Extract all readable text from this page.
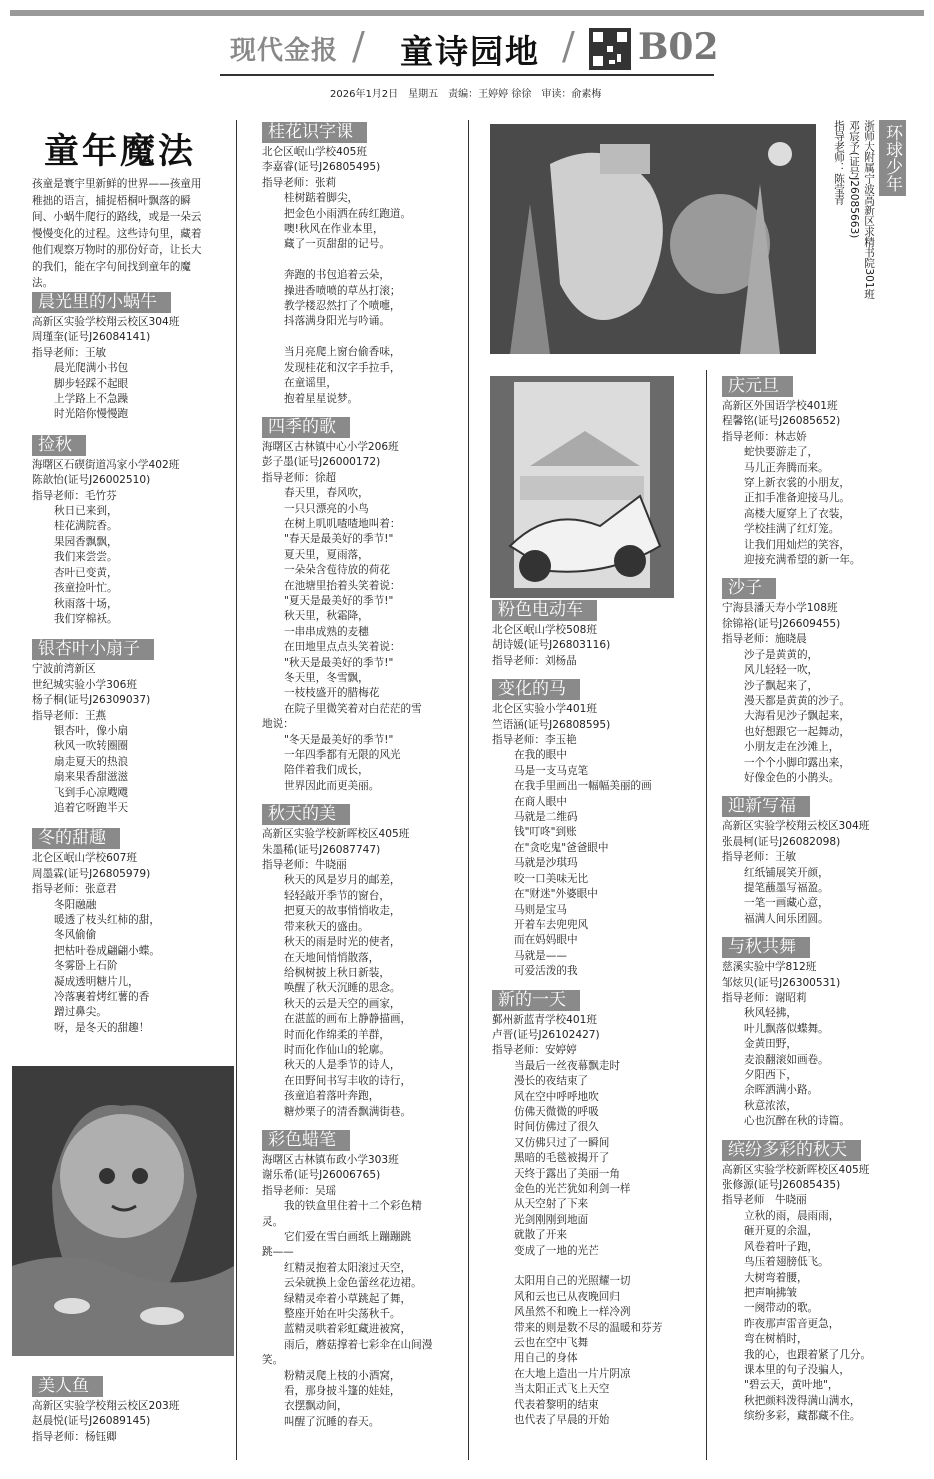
现代金报 / 童诗园地 / B02
2026年1月2日　星期五　责编：王婷婷 徐徐　审读：俞素梅
童年魔法
孩童是寰宇里新鲜的世界——孩童用稚拙的语言，捕捉梧桐叶飘落的瞬间、小蜗牛爬行的路线，或是一朵云慢慢变化的过程。这些诗句里，藏着他们观察万物时的那份好奇，让长大的我们，能在字句间找到童年的魔法。
晨光里的小蜗牛
高新区实验学校翔云校区304班
周瑾奎(证号J26084141)
指导老师：王敏
晨光爬满小书包
脚步轻踩不起眼
上学路上不急躁
时光陪你慢慢跑
捡秋
海曙区石碶街道冯家小学402班
陈歆怡(证号J26002510)
指导老师：毛竹芬
秋日已来到，
桂花满院香。
果园香飘飘，
我们来尝尝。
杏叶已变黄，
孩童捡叶忙。
秋雨落十场，
我们穿棉袄。
银杏叶小扇子
宁波前湾新区
世纪城实验小学306班
杨子桐(证号J26309037)
指导老师：王燕
银杏叶，像小扇
秋风一吹转圈圈
扇走夏天的热浪
扇来果香甜滋滋
飞到手心凉飕飕
追着它呀跑半天
冬的甜趣
北仑区岷山学校607班
周墨霖(证号J26805979)
指导老师：张意君
冬阳融融
暖透了枝头红柿的甜，
冬风偷偷
把枯叶卷成翩翩小蝶。
冬雾卧上石阶
凝成透明糖片儿，
冷落裹着烤红薯的香
蹭过鼻尖。
呀，是冬天的甜趣！
美人鱼
高新区实验学校翔云校区203班
赵晨悦(证号J26089145)
指导老师：杨钰卿
桂花识字课
北仑区岷山学校405班
李嘉睿(证号J26805495)
指导老师：张莉
桂树踮着脚尖，
把金色小雨洒在砖红跑道。
噢!秋风在作业本里，
藏了一页甜甜的记号。

奔跑的书包追着云朵，
操进香喷喷的草丛打滚；
教学楼忍然打了个喷嚏，
抖落满身阳光与吟诵。

当月亮爬上窗台偷香味，
发现桂花和汉字手拉手，
在童谣里，
抱着星星说梦。
四季的歌
海曙区古林镇中心小学206班
彭子墨(证号J26000172)
指导老师：徐超
春天里，春风吹，
一只只漂亮的小鸟
在树上叽叽喳喳地叫着：
"春天是最美好的季节!"
夏天里，夏雨落，
一朵朵含苞待放的荷花
在池塘里抬着头笑着说：
"夏天是最美好的季节!"
秋天里，秋霜降，
一串串成熟的麦穗
在田地里点点头笑着说：
"秋天是最美好的季节!"
冬天里，冬雪飘，
一枝枝盛开的腊梅花
在院子里微笑着对白茫茫的雪
地说：
"冬天是最美好的季节!"
一年四季都有无限的风光
陪伴着我们成长，
世界因此而更美丽。
秋天的美
高新区实验学校新晖校区405班
朱墨稀(证号J26087747)
指导老师：牛晓丽
秋天的风是岁月的邮差，
轻轻敲开季节的窗台，
把夏天的故事悄悄收走，
带来秋天的盛由。
秋天的雨是时光的使者，
在天地间悄悄散落，
给枫树披上秋日新装，
唤醒了秋天沉睡的思念。
秋天的云是天空的画家，
在湛蓝的画布上静静描画，
时而化作绵柔的羊群，
时而化作仙山的轮廓。
秋天的人是季节的诗人，
在田野间书写丰收的诗行，
孩童追着落叶奔跑，
糖炒栗子的清香飘满街巷。
彩色蜡笔
海曙区古林镇布政小学303班
谢乐希(证号J26006765)
指导老师：吴瑶
我的铁盒里住着十二个彩色精
灵。
它们爱在雪白画纸上蹦蹦跳
跳——
红精灵抱着太阳滚过天空，
云朵就换上金色蕾丝花边裙。
绿精灵牵着小草跳起了舞，
整座开始在叶尖荡秋千。
蓝精灵哄着彩虹藏进被窝，
雨后，蘑菇撑着七彩伞在山间漫
笑。
粉精灵爬上枝的小酒窝，
看，那身披斗篷的娃娃，
衣摆飘动间，
叫醒了沉睡的春天。
粉色电动车
北仑区岷山学校508班
胡诗媛(证号J26803116)
指导老师：刘杨晶
变化的马
北仑区实验小学401班
竺语涵(证号J26808595)
指导老师：李玉艳
在我的眼中
马是一支马克笔
在我手里画出一幅幅美丽的画
在商人眼中
马就是二维码
钱"叮咚"到账
在"贪吃鬼"爸爸眼中
马就是沙琪玛
咬一口美味无比
在"财迷"外婆眼中
马则是宝马
开着车去兜兜风
而在妈妈眼中
马就是——
可爱活泼的我
新的一天
鄞州新蓝青学校401班
卢晋(证号J26102427)
指导老师：安婷婷
当最后一丝夜幕飘走时
漫长的夜结束了
风在空中呼呼地吹
仿佛天微微的呼吸
时间仿佛过了很久
又仿佛只过了一瞬间
黑暗的毛毯被揭开了
天终于露出了美丽一角
金色的光芒犹如利剑一样
从天空射了下来
光剑刚刚到地面
就散了开来
变成了一地的光芒

太阳用自己的光照耀一切
风和云也已从夜晚回归
风虽然不和晚上一样冷冽
带来的则是数不尽的温暖和芬芳
云也在空中飞舞
用自己的身体
在大地上造出一片片阴凉
当太阳正式飞上天空
代表着黎明的结束
也代表了早晨的开始
环球少年
浙师大附属宁波高新区求精书院301班
邓宸予(证号J26085663)
指导老师：陈莹青
庆元旦
高新区外国语学校401班
程馨铭(证号J26085652)
指导老师：林志娇
蛇快要游走了，
马儿正奔腾而来。
穿上新衣裳的小朋友，
正扣手准备迎接马儿。
高楼大厦穿上了衣装，
学校挂满了红灯笼。
让我们用灿烂的笑容，
迎接充满希望的新一年。
沙子
宁海县潘天寿小学108班
徐锦裕(证号J26609455)
指导老师：施晓晨
沙子是黄黄的，
风儿轻轻一吹，
沙子飘起来了，
漫天都是黄黄的沙子。
大海看见沙子飘起来，
也好想跟它一起舞动，
小朋友走在沙滩上，
一个个小脚印露出来，
好像金色的小鹊头。
迎新写福
高新区实验学校翔云校区304班
张晨柯(证号J26082098)
指导老师：王敏
红纸铺展笑开颜，
提笔蘸墨写福盈。
一笔一画藏心意，
福满人间乐团圆。
与秋共舞
慈溪实验中学812班
邹炫贝(证号J26300531)
指导老师：谢昭莉
秋风轻拂，
叶儿飘落似蝶舞。
金黄田野，
麦浪翻滚如画卷。
夕阳西下，
余晖洒满小路。
秋意浓浓，
心也沉醉在秋的诗篇。
缤纷多彩的秋天
高新区实验学校新晖校区405班
张修源(证号J26085435)
指导老师　牛晓丽
立秋的雨，晨雨雨，
砸开夏的余温，
风卷着叶子跑，
鸟压着翅膀低飞。
大树弯着腰，
把声响拂皱
一阕带动的歌。
昨夜那声雷音更急，
弯在树梢时，
我的心，也跟着紧了几分。
课本里的句子没骗人，
"碧云天，黄叶地"，
秋把颜料泼得满山满水，
缤纷多彩，藏都藏不住。
